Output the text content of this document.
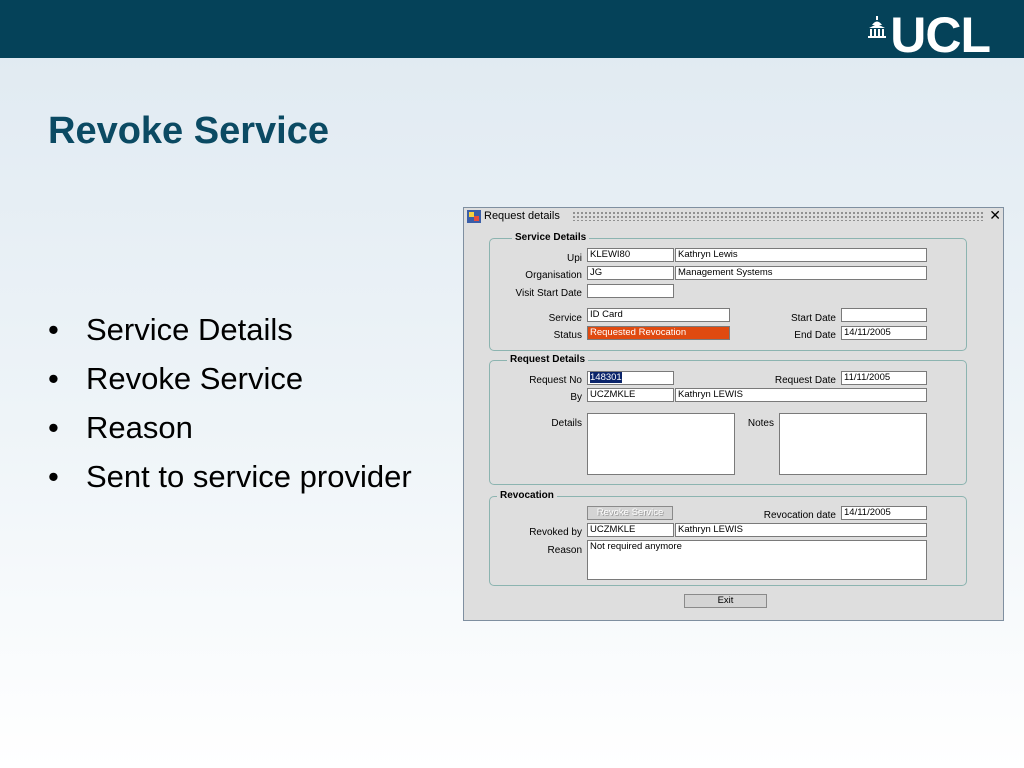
UCL
Revoke Service
• Service Details
• Revoke Service
• Reason
• Sent to service provider
Request details	✕
Service Details
Upi KLEWI80	Kathryn Lewis
Organisation JG	Management Systems
Visit Start Date
Service ID Card
Status Requested Revocation
Start Date
End Date 14/11/2005
Request Details
Request No 148301	Request Date 11/11/2005
By UCZMKLE	Kathryn LEWIS
Details	Notes
Revocation
Revoke Service	Revocation date 14/11/2005
Revoked by UCZMKLE	Kathryn LEWIS
Reason Not required anymore
Exit
